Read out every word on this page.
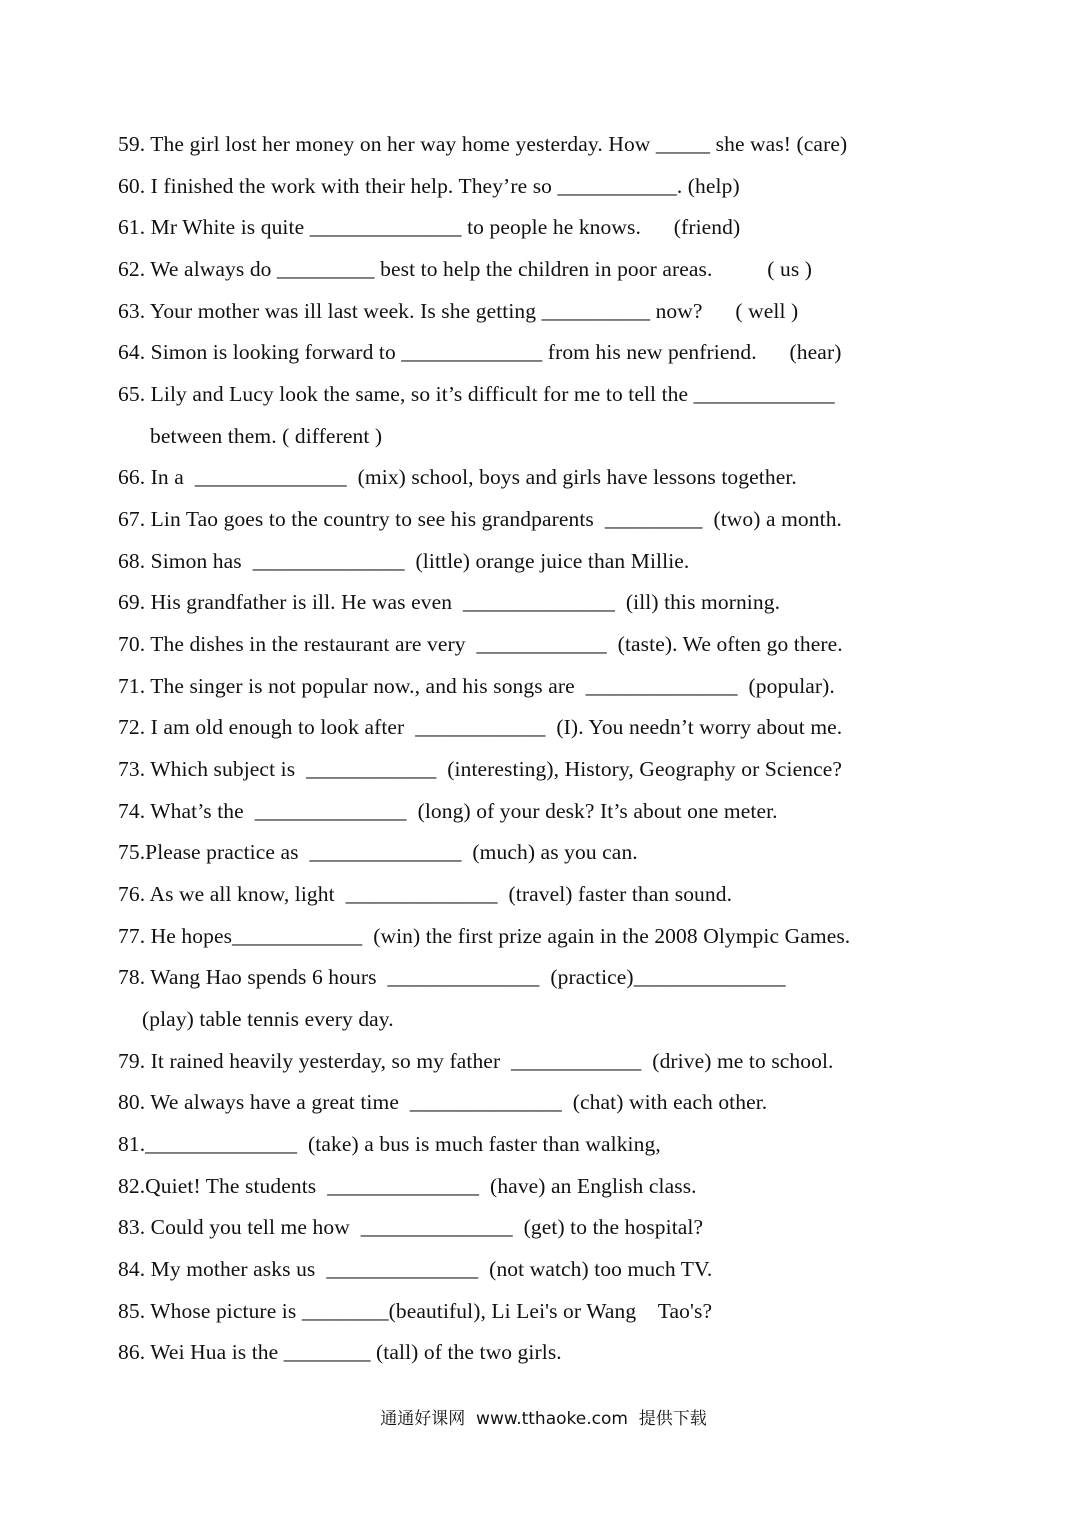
59. The girl lost her money on her way home yesterday. How _____ she was! (care)
60. I finished the work with their help. They’re so ___________. (help)
61. Mr White is quite ______________ to people he knows.      (friend)
62. We always do _________ best to help the children in poor areas.          ( us )
63. Your mother was ill last week. Is she getting __________ now?      ( well )
64. Simon is looking forward to _____________ from his new penfriend.      (hear)
65. Lily and Lucy look the same, so it’s difficult for me to tell the _____________
between them. ( different )
66. In a  ______________  (mix) school, boys and girls have lessons together.
67. Lin Tao goes to the country to see his grandparents  _________  (two) a month.
68. Simon has  ______________  (little) orange juice than Millie.
69. His grandfather is ill. He was even  ______________  (ill) this morning.
70. The dishes in the restaurant are very  ____________  (taste). We often go there.
71. The singer is not popular now., and his songs are  ______________  (popular).
72. I am old enough to look after  ____________  (I). You needn’t worry about me.
73. Which subject is  ____________  (interesting), History, Geography or Science?
74. What’s the  ______________  (long) of your desk? It’s about one meter.
75.Please practice as  ______________  (much) as you can.
76. As we all know, light  ______________  (travel) faster than sound.
77. He hopes____________  (win) the first prize again in the 2008 Olympic Games.
78. Wang Hao spends 6 hours  ______________  (practice)______________
(play) table tennis every day.
79. It rained heavily yesterday, so my father  ____________  (drive) me to school.
80. We always have a great time  ______________  (chat) with each other.
81.______________  (take) a bus is much faster than walking,
82.Quiet! The students  ______________  (have) an English class.
83. Could you tell me how  ______________  (get) to the hospital?
84. My mother asks us  ______________  (not watch) too much TV.
85. Whose picture is ________(beautiful), Li Lei's or Wang    Tao's?
86. Wei Hua is the ________ (tall) of the two girls.
通通好课网  www.tthaoke.com  提供下载
